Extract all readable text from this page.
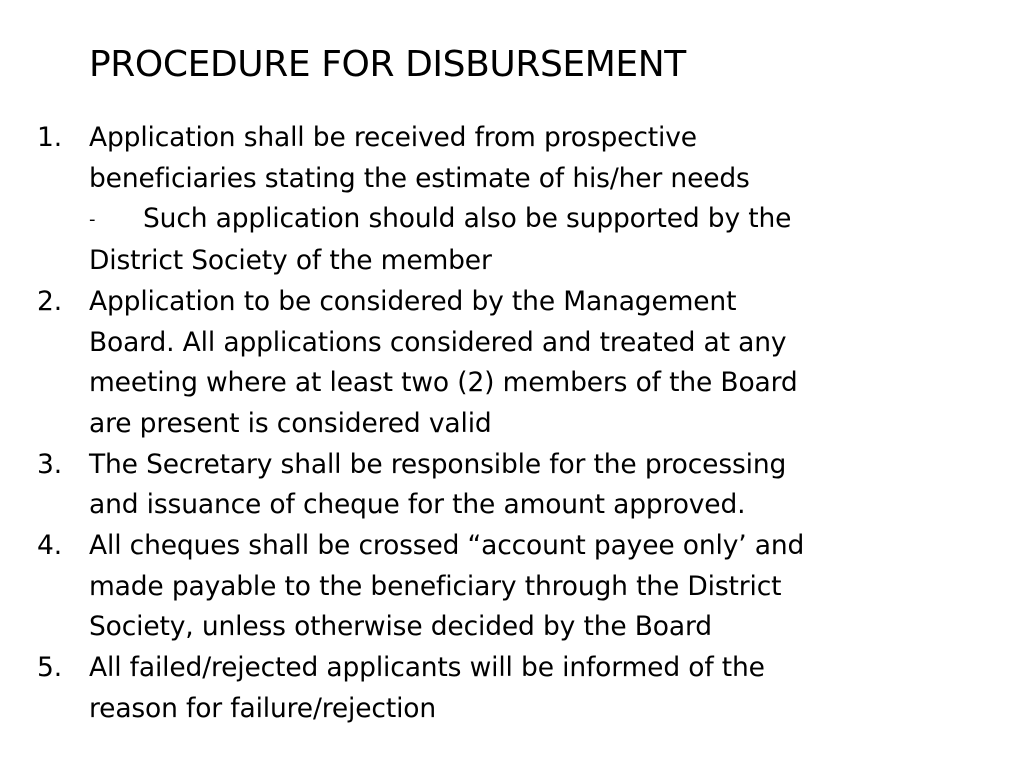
PROCEDURE FOR DISBURSEMENT
1. Application shall be received from prospective
beneficiaries stating the estimate of his/her needs
- Such application should also be supported by the
District Society of the member
2. Application to be considered by the Management
Board. All applications considered and treated at any
meeting where at least two (2) members of the Board
are present is considered valid
3. The Secretary shall be responsible for the processing
and issuance of cheque for the amount approved.
4. All cheques shall be crossed “account payee only’ and
made payable to the beneficiary through the District
Society, unless otherwise decided by the Board
5. All failed/rejected applicants will be informed of the
reason for failure/rejection
